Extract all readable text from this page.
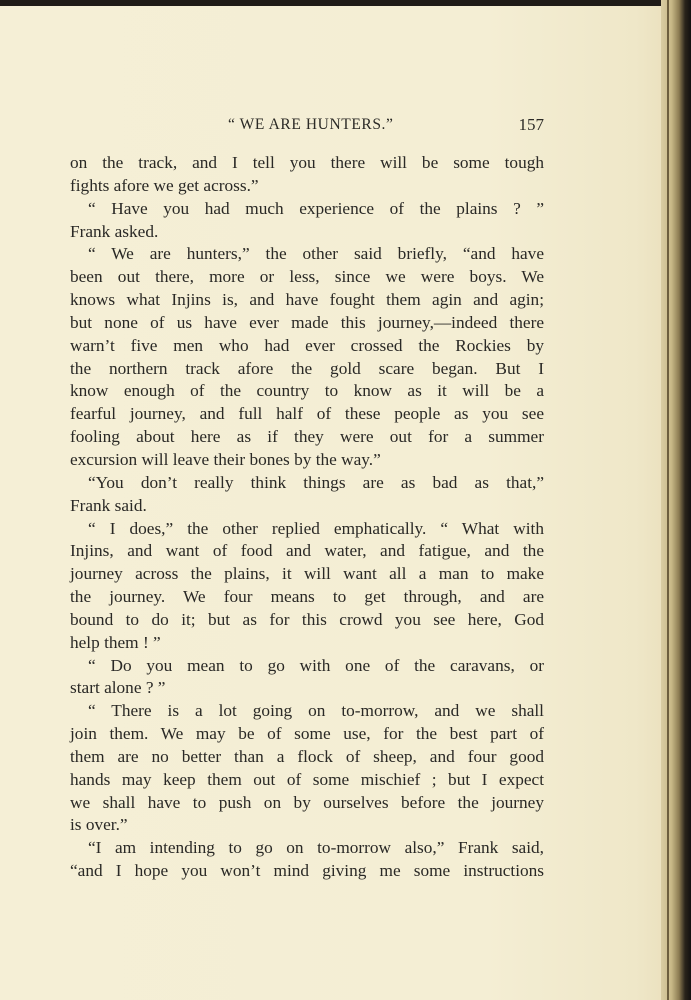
“ WE ARE HUNTERS.”	157
on the track, and I tell you there will be some tough
fights afore we get across.”
“ Have you had much experience of the plains ? ”
Frank asked.
“ We are hunters,” the other said briefly, “and have
been out there, more or less, since we were boys. We
knows what Injins is, and have fought them agin and agin;
but none of us have ever made this journey,—indeed there
warn’t five men who had ever crossed the Rockies by
the northern track afore the gold scare began. But I
know enough of the country to know as it will be a
fearful journey, and full half of these people as you see
fooling about here as if they were out for a summer
excursion will leave their bones by the way.”
“You don’t really think things are as bad as that,”
Frank said.
“ I does,” the other replied emphatically. “ What with
Injins, and want of food and water, and fatigue, and the
journey across the plains, it will want all a man to make
the journey. We four means to get through, and are
bound to do it; but as for this crowd you see here, God
help them ! ”
“ Do you mean to go with one of the caravans, or
start alone ? ”
“ There is a lot going on to-morrow, and we shall
join them. We may be of some use, for the best part of
them are no better than a flock of sheep, and four good
hands may keep them out of some mischief ; but I expect
we shall have to push on by ourselves before the journey
is over.”
“I am intending to go on to-morrow also,” Frank said,
“and I hope you won’t mind giving me some instructions
